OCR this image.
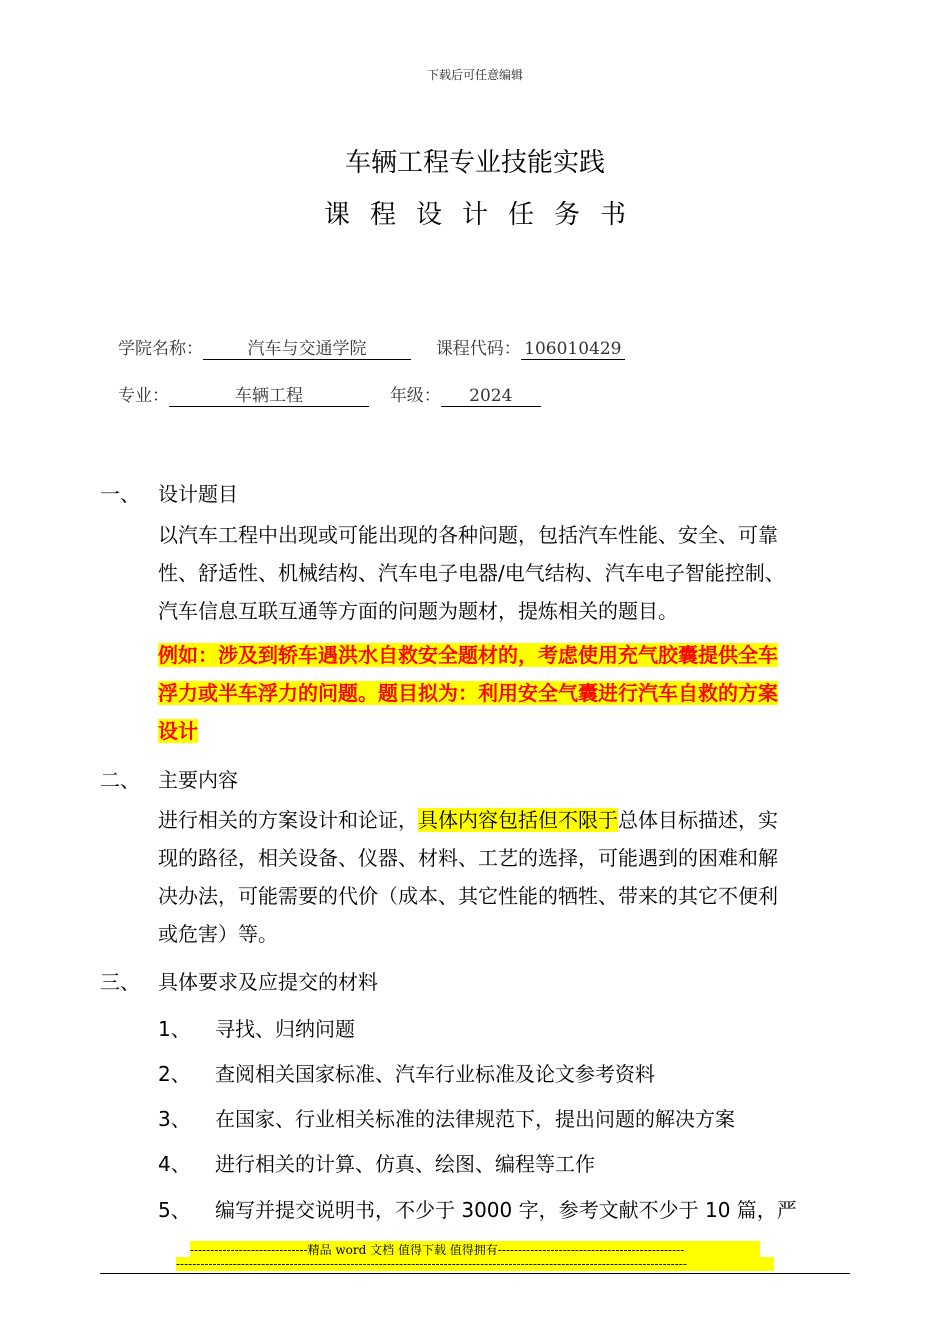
下载后可任意编辑
车辆工程专业技能实践
课程设计任务书
学院名称：	汽车与交通学院	课程代码： 106010429
专业：	车辆工程	年级： 2024
一、 设计题目
以汽车工程中出现或可能出现的各种问题，包括汽车性能、安全、可靠
性、舒适性、机械结构、汽车电子电器/电气结构、汽车电子智能控制、
汽车信息互联互通等方面的问题为题材，提炼相关的题目。
例如：涉及到轿车遇洪水自救安全题材的，考虑使用充气胶囊提供全车
浮力或半车浮力的问题。题目拟为：利用安全气囊进行汽车自救的方案
设计
二、 主要内容
进行相关的方案设计和论证，具体内容包括但不限于总体目标描述，实
现的路径，相关设备、仪器、材料、工艺的选择，可能遇到的困难和解
决办法，可能需要的代价（成本、其它性能的牺牲、带来的其它不便利
或危害）等。
三、 具体要求及应提交的材料
1、 寻找、归纳问题
2、 查阅相关国家标准、汽车行业标准及论文参考资料
3、 在国家、行业相关标准的法律规范下，提出问题的解决方案
4、 进行相关的计算、仿真、绘图、编程等工作
5、 编写并提交说明书，不少于 3000 字，参考文献不少于 10 篇，严
-----------------------------精品 word 文档 值得下载 值得拥有----------------------------------------------
------------------------------------------------------------------------------------------------------------------------------
